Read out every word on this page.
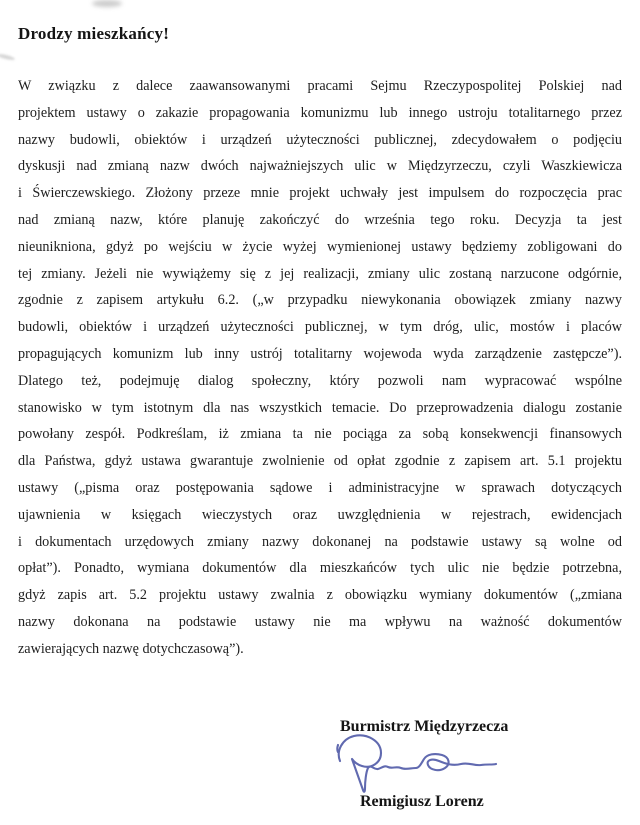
Drodzy mieszkańcy!
W związku z dalece zaawansowanymi pracami Sejmu Rzeczypospolitej Polskiej nad
projektem ustawy o zakazie propagowania komunizmu lub innego ustroju totalitarnego przez
nazwy budowli, obiektów i urządzeń użyteczności publicznej, zdecydowałem o podjęciu
dyskusji nad zmianą nazw dwóch najważniejszych ulic w Międzyrzeczu, czyli Waszkiewicza
i Świerczewskiego. Złożony przeze mnie projekt uchwały jest impulsem do rozpoczęcia prac
nad zmianą nazw, które planuję zakończyć do września tego roku. Decyzja ta jest
nieunikniona, gdyż po wejściu w życie wyżej wymienionej ustawy będziemy zobligowani do
tej zmiany. Jeżeli nie wywiążemy się z jej realizacji, zmiany ulic zostaną narzucone odgórnie,
zgodnie z zapisem artykułu 6.2. („w przypadku niewykonania obowiązek zmiany nazwy
budowli, obiektów i urządzeń użyteczności publicznej, w tym dróg, ulic, mostów i placów
propagujących komunizm lub inny ustrój totalitarny wojewoda wyda zarządzenie zastępcze”).
Dlatego też, podejmuję dialog społeczny, który pozwoli nam wypracować wspólne
stanowisko w tym istotnym dla nas wszystkich temacie. Do przeprowadzenia dialogu zostanie
powołany zespół. Podkreślam, iż zmiana ta nie pociąga za sobą konsekwencji finansowych
dla Państwa, gdyż ustawa gwarantuje zwolnienie od opłat zgodnie z zapisem art. 5.1 projektu
ustawy („pisma oraz postępowania sądowe i administracyjne w sprawach dotyczących
ujawnienia w księgach wieczystych oraz uwzględnienia w rejestrach, ewidencjach
i dokumentach urzędowych zmiany nazwy dokonanej na podstawie ustawy są wolne od
opłat”). Ponadto, wymiana dokumentów dla mieszkańców tych ulic nie będzie potrzebna,
gdyż zapis art. 5.2 projektu ustawy zwalnia z obowiązku wymiany dokumentów („zmiana
nazwy dokonana na podstawie ustawy nie ma wpływu na ważność dokumentów
zawierających nazwę dotychczasową”).
Burmistrz Międzyrzecza
Remigiusz Lorenz
